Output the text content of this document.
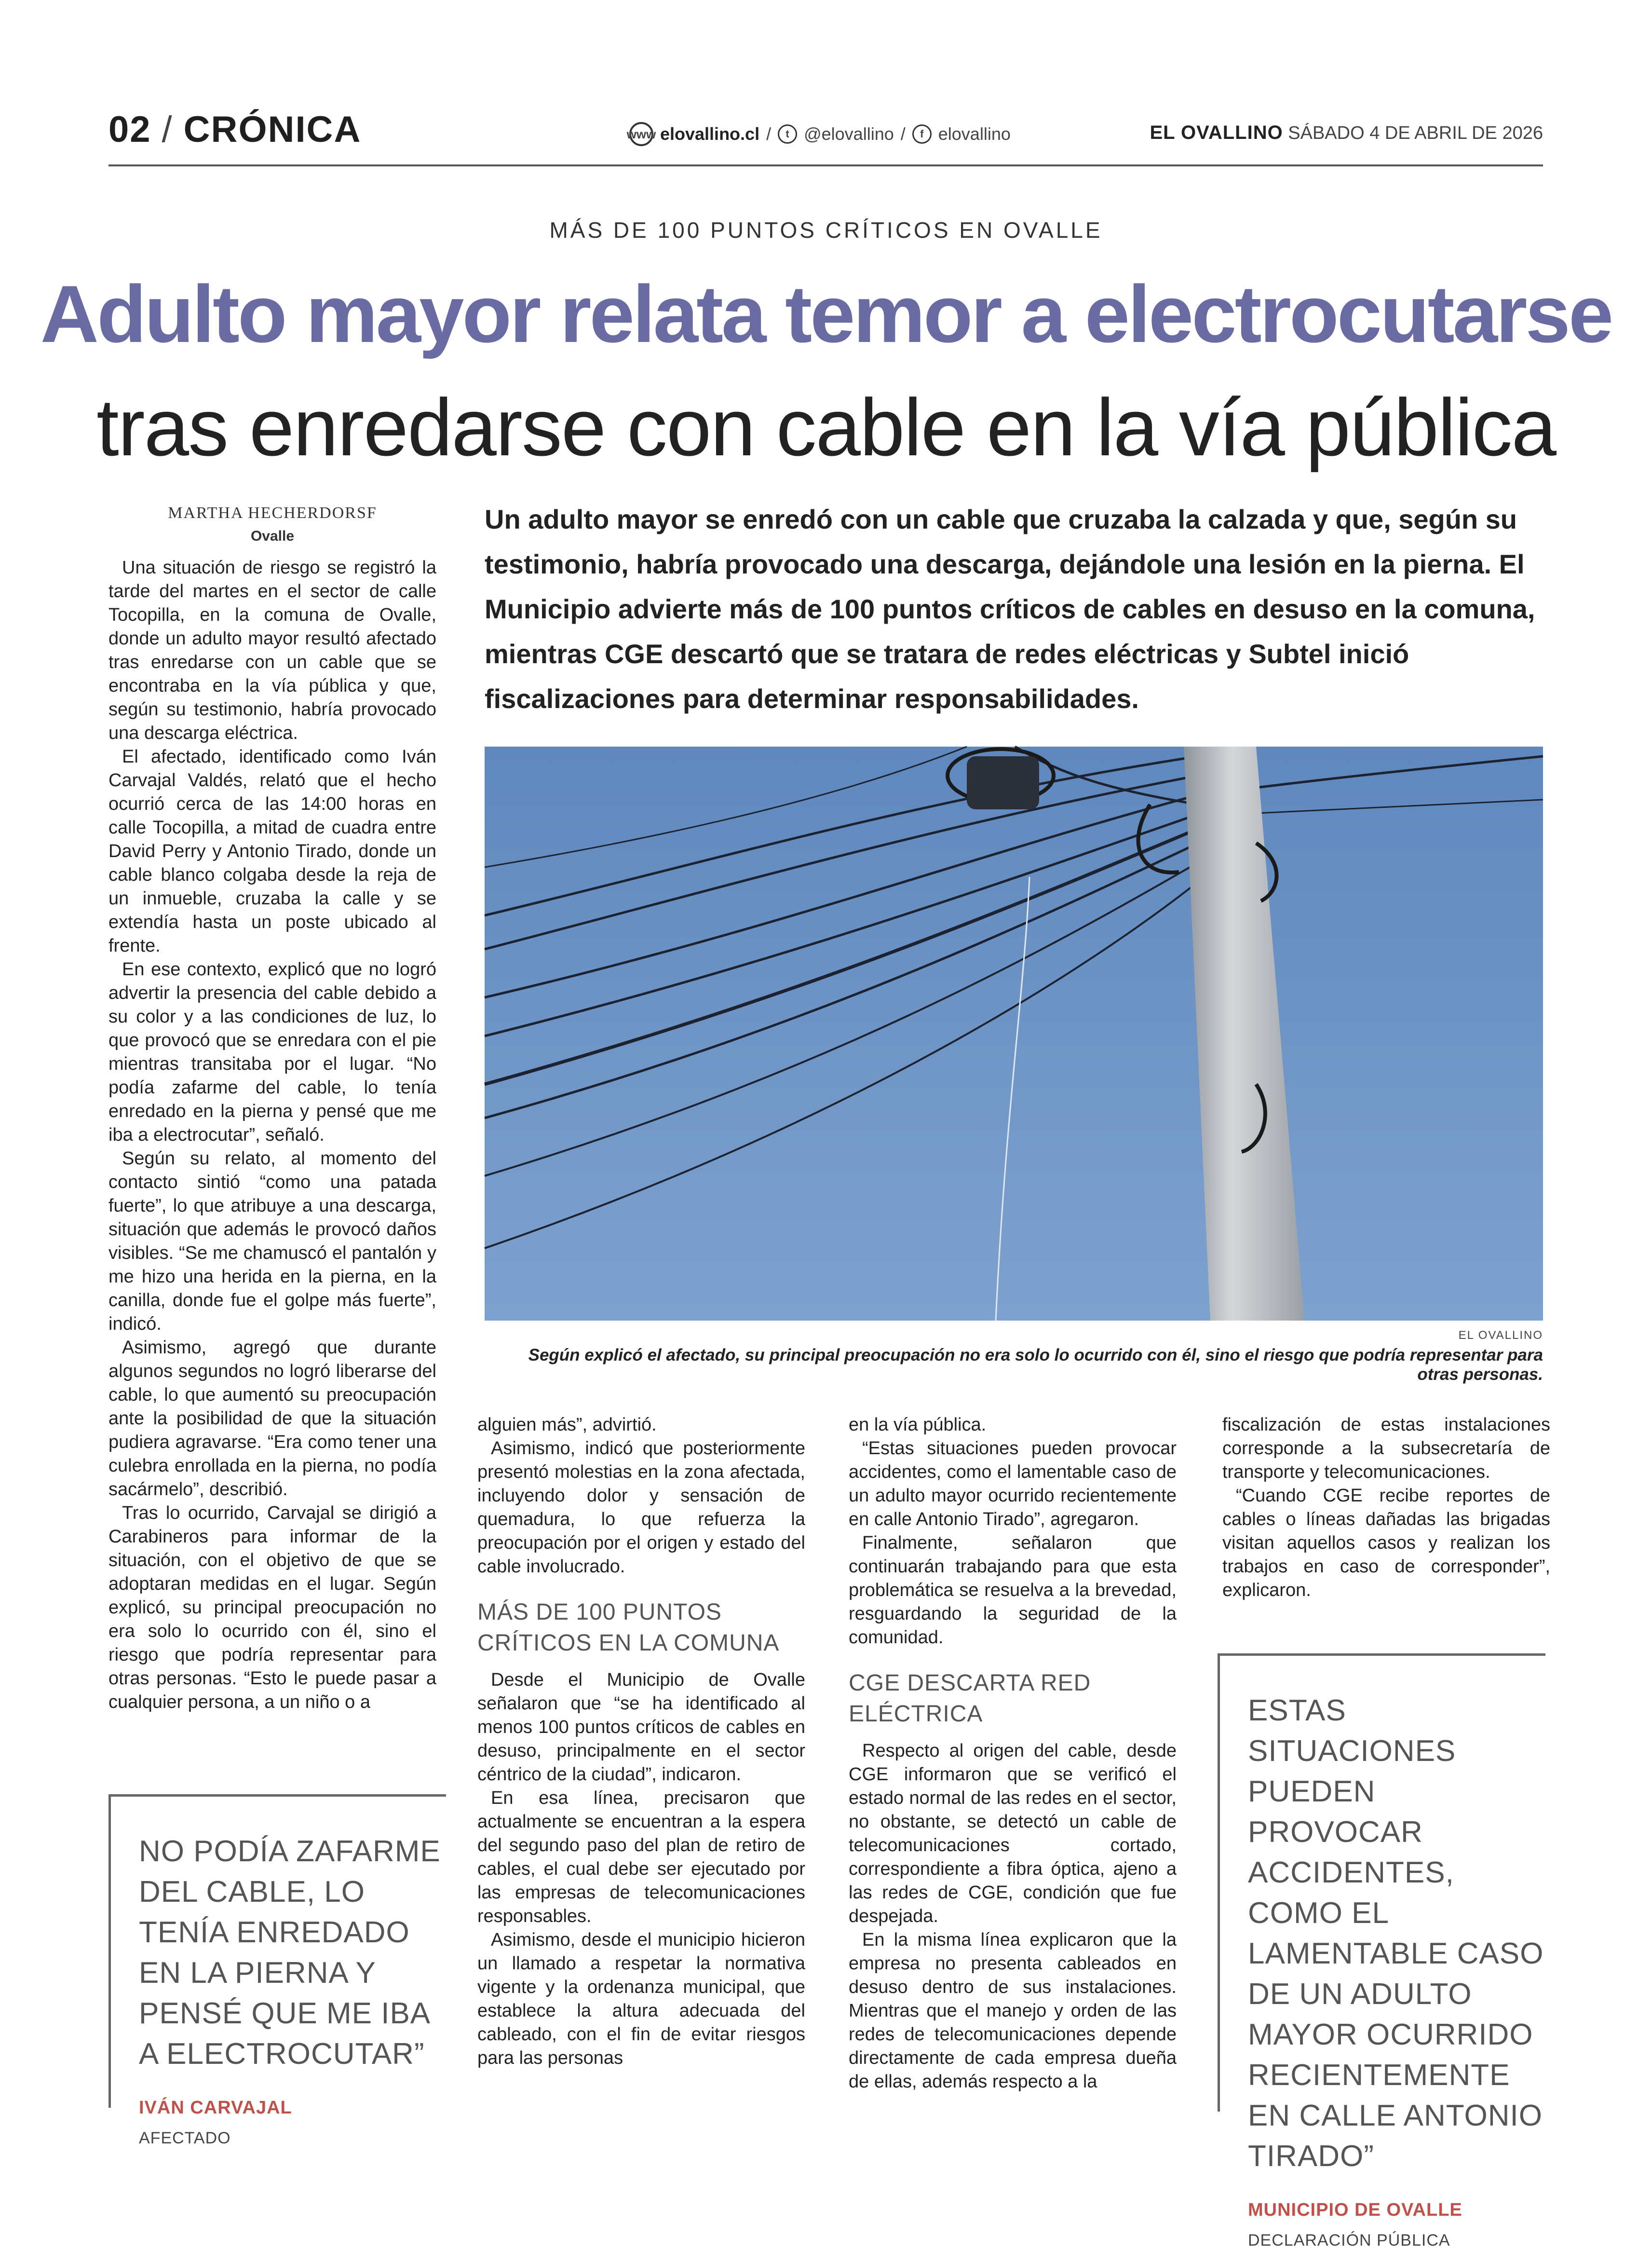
02 / CRÓNICA	www elovallino.cl /	t @elovallino /	f elovallino	EL OVALLINO SÁBADO 4 DE ABRIL DE 2026
MÁS DE 100 PUNTOS CRÍTICOS EN OVALLE
Adulto mayor relata temor a electrocutarse
tras enredarse con cable en la vía pública
MARTHA HECHERDORSF
Ovalle
Un adulto mayor se enredó con un cable que cruzaba la calzada y que, según su testimonio, habría provocado una descarga, dejándole una lesión en la pierna. El Municipio advierte más de 100 puntos críticos de cables en desuso en la comuna, mientras CGE descartó que se tratara de redes eléctricas y Subtel inició fiscalizaciones para determinar responsabilidades.
EL OVALLINO
Según explicó el afectado, su principal preocupación no era solo lo ocurrido con él, sino el riesgo que podría representar para otras personas.

Una situación de riesgo se registró la tarde del martes en el sector de calle Tocopilla, en la comuna de Ovalle, donde un adulto mayor resultó afectado tras enredarse con un cable que se encontraba en la vía pública y que, según su testimonio, habría provocado una descarga eléctrica.

El afectado, identificado como Iván Carvajal Valdés, relató que el hecho ocurrió cerca de las 14:00 horas en calle Tocopilla, a mitad de cuadra entre David Perry y Antonio Tirado, donde un cable blanco colgaba desde la reja de un inmueble, cruzaba la calle y se extendía hasta un poste ubicado al frente.

En ese contexto, explicó que no logró advertir la presencia del cable debido a su color y a las condiciones de luz, lo que provocó que se enredara con el pie mientras transitaba por el lugar. “No podía zafarme del cable, lo tenía enredado en la pierna y pensé que me iba a electrocutar”, señaló.

Según su relato, al momento del contacto sintió “como una patada fuerte”, lo que atribuye a una descarga, situación que además le provocó daños visibles. “Se me chamuscó el pantalón y me hizo una herida en la pierna, en la canilla, donde fue el golpe más fuerte”, indicó.

Asimismo, agregó que durante algunos segundos no logró liberarse del cable, lo que aumentó su preocupación ante la posibilidad de que la situación pudiera agravarse. “Era como tener una culebra enrollada en la pierna, no podía sacármelo”, describió.

Tras lo ocurrido, Carvajal se dirigió a Carabineros para informar de la situación, con el objetivo de que se adoptaran medidas en el lugar. Según explicó, su principal preocupación no era solo lo ocurrido con él, sino el riesgo que podría representar para otras personas. “Esto le puede pasar a cualquier persona, a un niño o a

NO PODÍA ZAFARME DEL CABLE, LO TENÍA ENREDADO EN LA PIERNA Y PENSÉ QUE ME IBA A ELECTROCUTAR”
IVÁN CARVAJAL
AFECTADO

alguien más”, advirtió.

Asimismo, indicó que posteriormente presentó molestias en la zona afectada, incluyendo dolor y sensación de quemadura, lo que refuerza la preocupación por el origen y estado del cable involucrado.

MÁS DE 100 PUNTOS CRÍTICOS EN LA COMUNA

Desde el Municipio de Ovalle señalaron que “se ha identificado al menos 100 puntos críticos de cables en desuso, principalmente en el sector céntrico de la ciudad”, indicaron.

En esa línea, precisaron que actualmente se encuentran a la espera del segundo paso del plan de retiro de cables, el cual debe ser ejecutado por las empresas de telecomunicaciones responsables.

Asimismo, desde el municipio hicieron un llamado a respetar la normativa vigente y la ordenanza municipal, que establece la altura adecuada del cableado, con el fin de evitar riesgos para las personas

en la vía pública.

“Estas situaciones pueden provocar accidentes, como el lamentable caso de un adulto mayor ocurrido recientemente en calle Antonio Tirado”, agregaron.

Finalmente, señalaron que continuarán trabajando para que esta problemática se resuelva a la brevedad, resguardando la seguridad de la comunidad.

CGE DESCARTA RED ELÉCTRICA

Respecto al origen del cable, desde CGE informaron que se verificó el estado normal de las redes en el sector, no obstante, se detectó un cable de telecomunicaciones cortado, correspondiente a fibra óptica, ajeno a las redes de CGE, condición que fue despejada.

En la misma línea explicaron que la empresa no presenta cableados en desuso dentro de sus instalaciones. Mientras que el manejo y orden de las redes de telecomunicaciones depende directamente de cada empresa dueña de ellas, además respecto a la

fiscalización de estas instalaciones corresponde a la subsecretaría de transporte y telecomunicaciones.

“Cuando CGE recibe reportes de cables o líneas dañadas las brigadas visitan aquellos casos y realizan los trabajos en caso de corresponder”, explicaron.

ESTAS SITUACIONES PUEDEN PROVOCAR ACCIDENTES, COMO EL LAMENTABLE CASO DE UN ADULTO MAYOR OCURRIDO RECIENTEMENTE EN CALLE ANTONIO TIRADO”
MUNICIPIO DE OVALLE
DECLARACIÓN PÚBLICA
